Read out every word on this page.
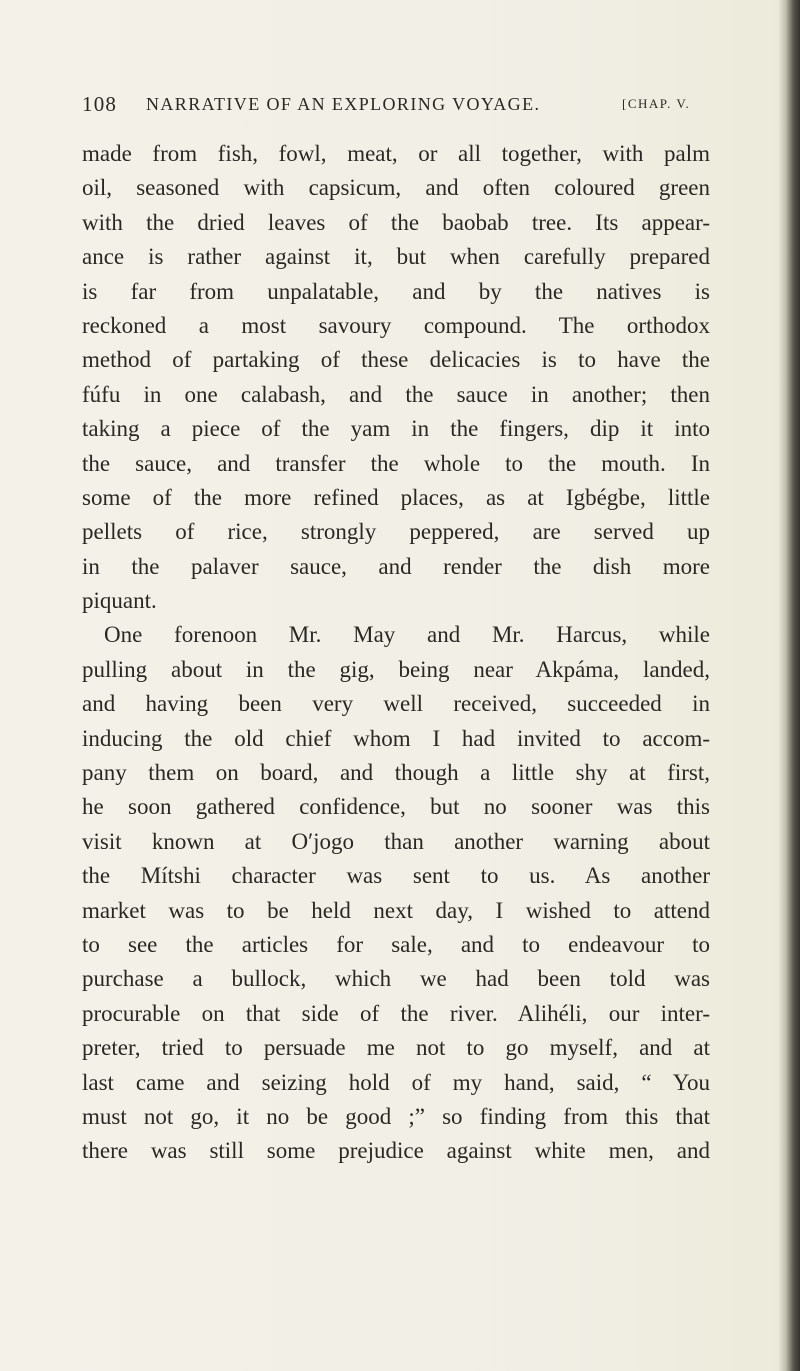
108 NARRATIVE OF AN EXPLORING VOYAGE.	[CHAP. V.
made from fish, fowl, meat, or all together, with palm
oil, seasoned with capsicum, and often coloured green
with the dried leaves of the baobab tree. Its appear-
ance is rather against it, but when carefully prepared
is far from unpalatable, and by the natives is
reckoned a most savoury compound. The orthodox
method of partaking of these delicacies is to have the
fúfu in one calabash, and the sauce in another; then
taking a piece of the yam in the fingers, dip it into
the sauce, and transfer the whole to the mouth. In
some of the more refined places, as at Igbégbe, little
pellets of rice, strongly peppered, are served up
in the palaver sauce, and render the dish more
piquant.
One forenoon Mr. May and Mr. Harcus, while
pulling about in the gig, being near Akpáma, landed,
and having been very well received, succeeded in
inducing the old chief whom I had invited to accom-
pany them on board, and though a little shy at first,
he soon gathered confidence, but no sooner was this
visit known at O′jogo than another warning about
the Mítshi character was sent to us. As another
market was to be held next day, I wished to attend
to see the articles for sale, and to endeavour to
purchase a bullock, which we had been told was
procurable on that side of the river. Alihéli, our inter-
preter, tried to persuade me not to go myself, and at
last came and seizing hold of my hand, said, “ You
must not go, it no be good ;” so finding from this that
there was still some prejudice against white men, and
